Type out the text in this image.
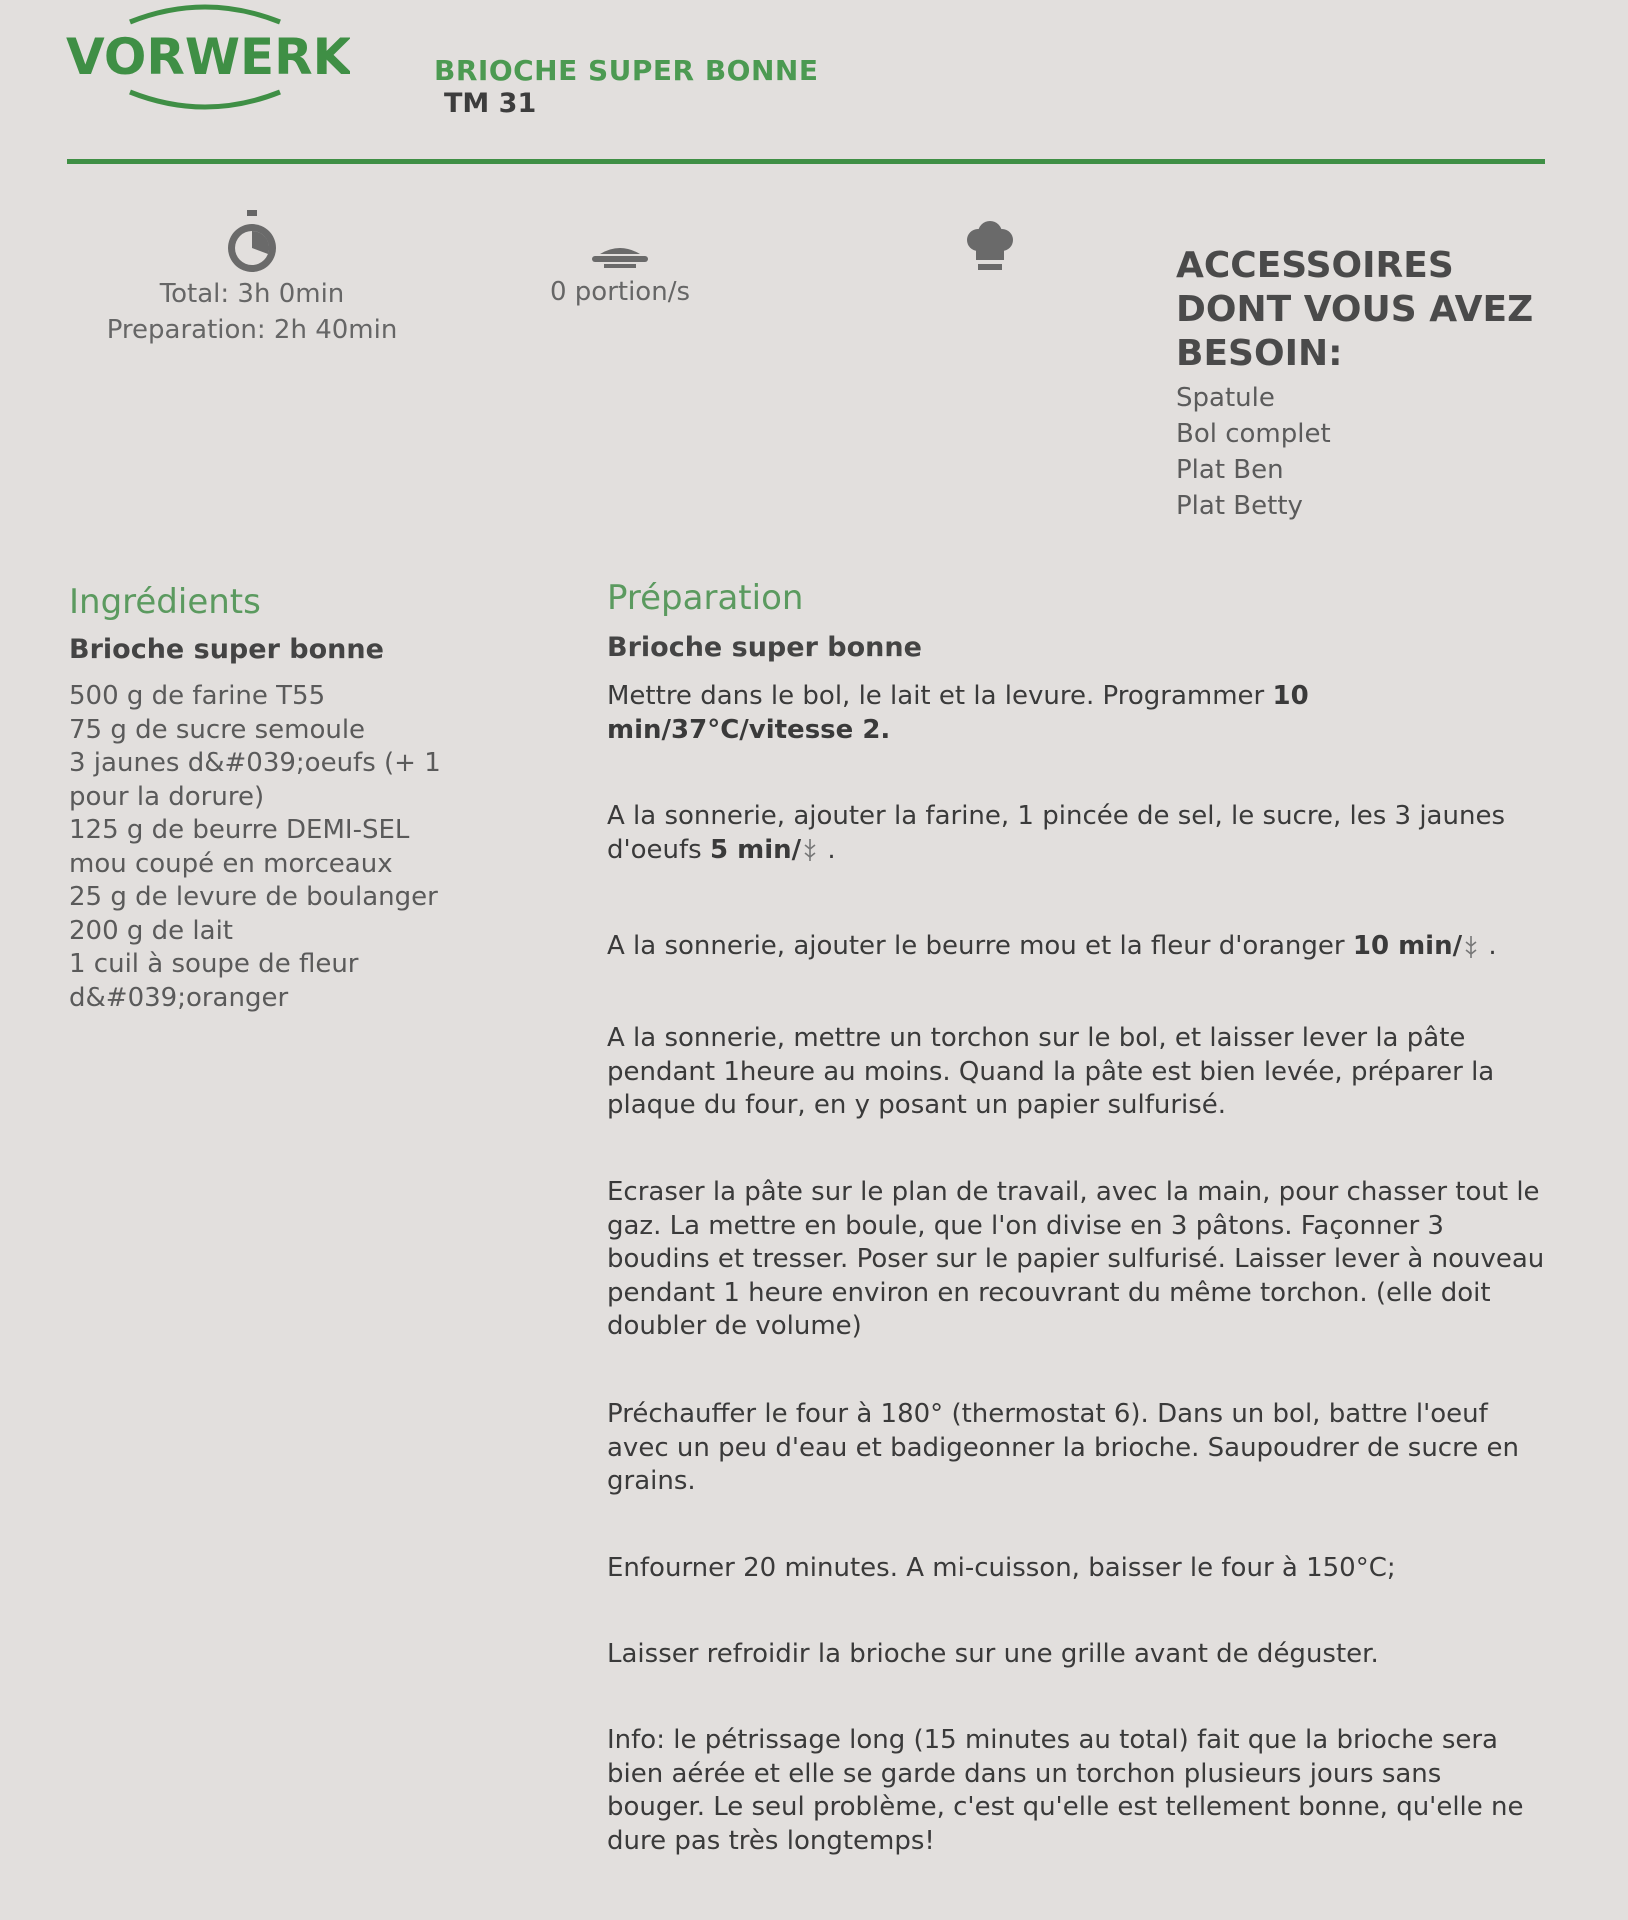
VORWERK	BRIOCHE SUPER BONNE
TM 31
Total: 3h 0min
Preparation: 2h 40min
0 portion/s
ACCESSOIRES DONT VOUS AVEZ BESOIN:
Spatule
Bol complet
Plat Ben
Plat Betty
Ingrédients
Brioche super bonne
500 g de farine T55
75 g de sucre semoule
3 jaunes d&#039;oeufs (+ 1
pour la dorure)
125 g de beurre DEMI-SEL
mou coupé en morceaux
25 g de levure de boulanger
200 g de lait
1 cuil à soupe de fleur
d&#039;oranger
Préparation
Brioche super bonne
Mettre dans le bol, le lait et la levure. Programmer 10 min/37°C/vitesse 2.
A la sonnerie, ajouter la farine, 1 pincée de sel, le sucre, les 3 jaunes d'oeufs 5 min/ .
A la sonnerie, ajouter le beurre mou et la fleur d'oranger 10 min/ .
A la sonnerie, mettre un torchon sur le bol, et laisser lever la pâte pendant 1heure au moins. Quand la pâte est bien levée, préparer la plaque du four, en y posant un papier sulfurisé.
Ecraser la pâte sur le plan de travail, avec la main, pour chasser tout le gaz. La mettre en boule, que l'on divise en 3 pâtons. Façonner 3 boudins et tresser. Poser sur le papier sulfurisé. Laisser lever à nouveau pendant 1 heure environ en recouvrant du même torchon. (elle doit doubler de volume)
Préchauffer le four à 180° (thermostat 6). Dans un bol, battre l'oeuf avec un peu d'eau et badigeonner la brioche. Saupoudrer de sucre en grains.
Enfourner 20 minutes. A mi-cuisson, baisser le four à 150°C;
Laisser refroidir la brioche sur une grille avant de déguster.
Info: le pétrissage long (15 minutes au total) fait que la brioche sera bien aérée et elle se garde dans un torchon plusieurs jours sans bouger. Le seul problème, c'est qu'elle est tellement bonne, qu'elle ne dure pas très longtemps!
